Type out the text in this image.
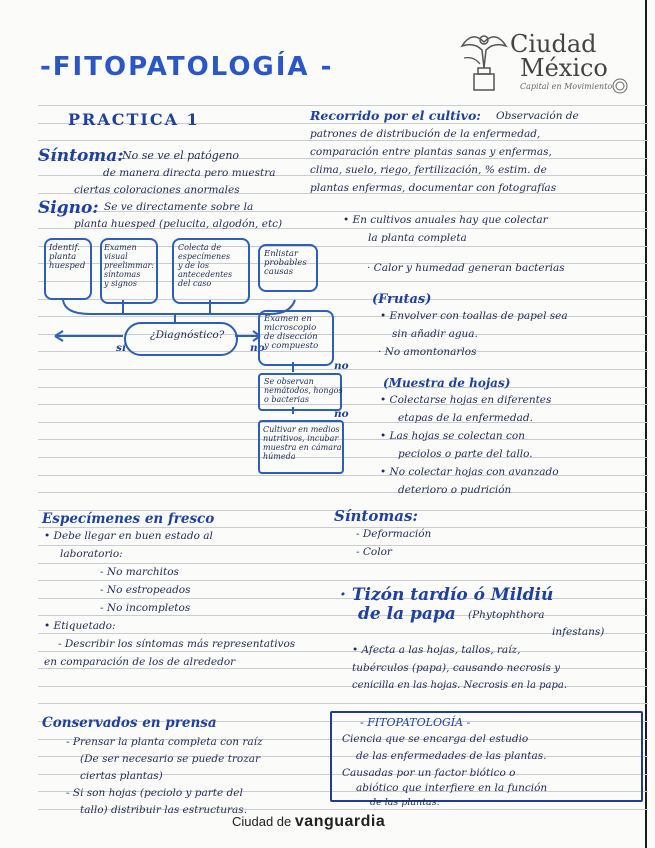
-FITOPATOLOGÍA -
Ciudad
México
Capital en Movimiento
PRACTICA 1
Síntoma:
No se ve el patógeno
de manera directa pero muestra
ciertas coloraciones anormales
Signo: Se ve directamente sobre la
planta huesped (pelucita, algodón, etc)
Identif.
planta
huesped
Examen
visual
preelimmar:
síntomas
y signos
Colecta de
especímenes
y de los
antecedentes
del caso
Enlistar
probables
causas
¿Diagnóstico?
sí	no
Examen en
microscopio
de disección
y compuesto
no
Se observan
nemátodos, hongos
o bacterias
no
Cultivar en medios
nutritivos, incubar
muestra en cámara
húmeda
Recorrido por el cultivo: Observación de
patrones de distribución de la enfermedad,
comparación entre plantas sanas y enfermas,
clima, suelo, riego, fertilización, % estim. de
plantas enfermas, documentar con fotografías
• En cultivos anuales hay que colectar
la planta completa
· Calor y humedad generan bacterias
(Frutas)
• Envolver con toallas de papel sea
sin añadir agua.
· No amontonarlos
(Muestra de hojas)
• Colectarse hojas en diferentes
etapas de la enfermedad.
• Las hojas se colectan con
peciolos o parte del tallo.
• No colectar hojas con avanzado
deterioro o pudrición
Especímenes en fresco
• Debe llegar en buen estado al
laboratorio:
- No marchitos
- No estropeados
- No incompletos
• Etiquetado:
- Describir los síntomas más representativos
en comparación de los de alrededor
Síntomas:
- Deformación
- Color
· Tizón tardío ó Mildiú
de la papa (Phytophthora
infestans)
• Afecta a las hojas, tallos, raíz,
tubérculos (papa), causando necrosis y
cenicilla en las hojas. Necrosis en la papa.
Conservados en prensa
- Prensar la planta completa con raíz
(De ser necesario se puede trozar
ciertas plantas)
- Si son hojas (peciolo y parte del
tallo) distribuir las estructuras.
- FITOPATOLOGÍA -
Ciencia que se encarga del estudio
de las enfermedades de las plantas.
Causadas por un factor biótico o
abiótico que interfiere en la función
de las plantas.
Ciudad de vanguardia
